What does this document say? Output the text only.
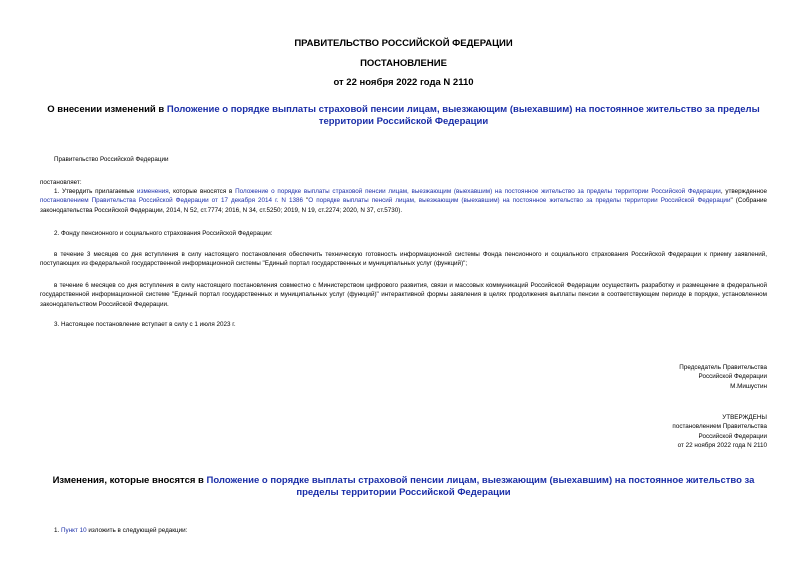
ПРАВИТЕЛЬСТВО РОССИЙСКОЙ ФЕДЕРАЦИИ
ПОСТАНОВЛЕНИЕ
от 22 ноября 2022 года N 2110
О внесении изменений в Положение о порядке выплаты страховой пенсии лицам, выезжающим (выехавшим) на постоянное жительство за пределы территории Российской Федерации
Правительство Российской Федерации
постановляет:
1. Утвердить прилагаемые изменения, которые вносятся в Положение о порядке выплаты страховой пенсии лицам, выезжающим (выехавшим) на постоянное жительство за пределы территории Российской Федерации, утвержденное постановлением Правительства Российской Федерации от 17 декабря 2014 г. N 1386 "О порядке выплаты пенсий лицам, выезжающим (выехавшим) на постоянное жительство за пределы территории Российской Федерации" (Собрание законодательства Российской Федерации, 2014, N 52, ст.7774; 2016, N 34, ст.5250; 2019, N 19, ст.2274; 2020, N 37, ст.5730).
2. Фонду пенсионного и социального страхования Российской Федерации:
в течение 3 месяцев со дня вступления в силу настоящего постановления обеспечить техническую готовность информационной системы Фонда пенсионного и социального страхования Российской Федерации к приему заявлений, поступающих из федеральной государственной информационной системы "Единый портал государственных и муниципальных услуг (функций)";
в течение 6 месяцев со дня вступления в силу настоящего постановления совместно с Министерством цифрового развития, связи и массовых коммуникаций Российской Федерации осуществить разработку и размещение в федеральной государственной информационной системе "Единый портал государственных и муниципальных услуг (функций)" интерактивной формы заявления в целях продолжения выплаты пенсии в соответствующем периоде в порядке, установленном законодательством Российской Федерации.
3. Настоящее постановление вступает в силу с 1 июля 2023 г.
Председатель Правительства
Российской Федерации
М.Мишустин
УТВЕРЖДЕНЫ
постановлением Правительства
Российской Федерации
от 22 ноября 2022 года N 2110
Изменения, которые вносятся в Положение о порядке выплаты страховой пенсии лицам, выезжающим (выехавшим) на постоянное жительство за пределы территории Российской Федерации
1. Пункт 10 изложить в следующей редакции:
